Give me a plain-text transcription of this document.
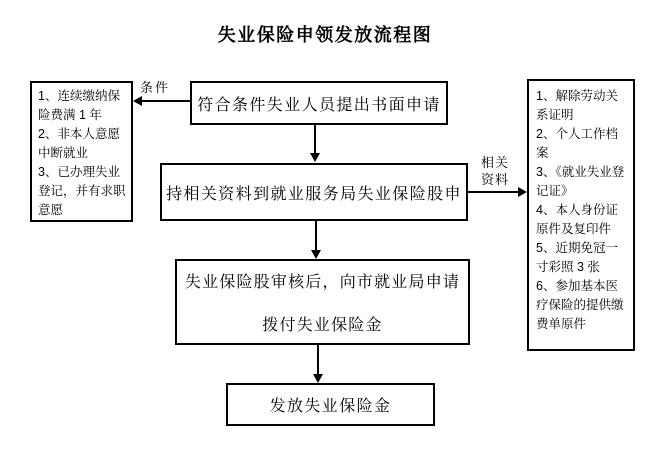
失业保险申领发放流程图
1、连续缴纳保险费满 1 年
2、非本人意愿中断就业
3、已办理失业登记，并有求职意愿
符合条件失业人员提出书面申请
持相关资料到就业服务局失业保险股申
失业保险股审核后，向市就业局申请
拨付失业保险金
发放失业保险金
1、解除劳动关系证明
2、个人工作档案
3、《就业失业登记证》
4、本人身份证原件及复印件
5、近期免冠一寸彩照 3 张
6、参加基本医疗保险的提供缴费单原件
条件
相关
资料
